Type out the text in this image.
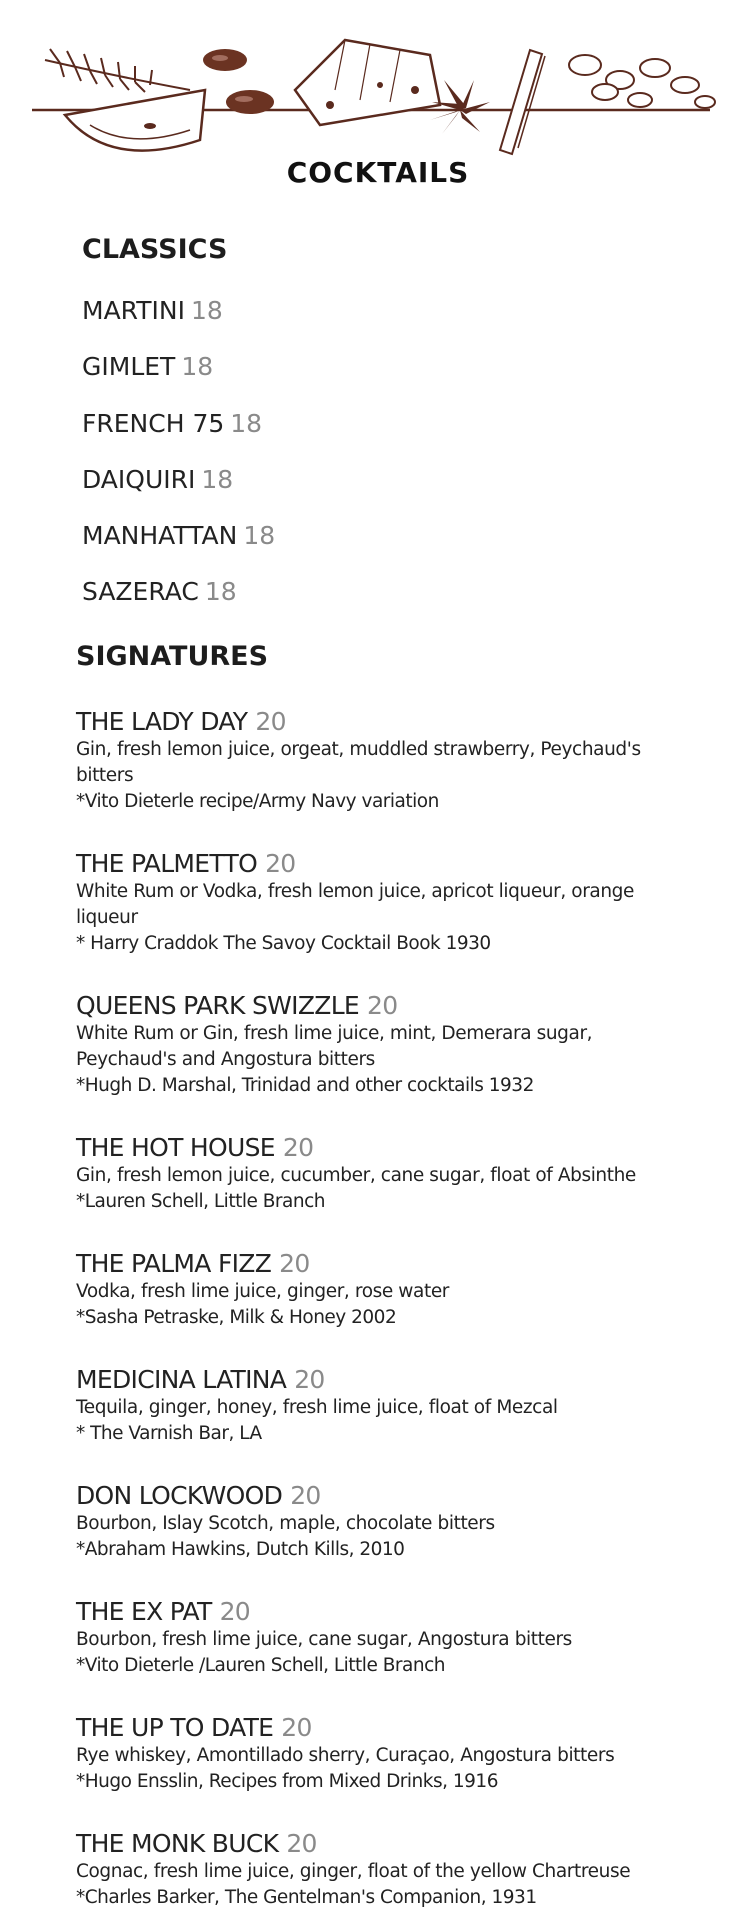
COCKTAILS
CLASSICS
MARTINI 18
GIMLET 18
FRENCH 75 18
DAIQUIRI 18
MANHATTAN 18
SAZERAC 18
SIGNATURES
THE LADY DAY 20
Gin, fresh lemon juice, orgeat, muddled strawberry, Peychaud's bitters
*Vito Dieterle recipe/Army Navy variation
THE PALMETTO 20
White Rum or Vodka, fresh lemon juice, apricot liqueur, orange liqueur
* Harry Craddok The Savoy Cocktail Book 1930
QUEENS PARK SWIZZLE 20
White Rum or Gin, fresh lime juice, mint, Demerara sugar, Peychaud's and Angostura bitters
*Hugh D. Marshal, Trinidad and other cocktails 1932
THE HOT HOUSE 20
Gin, fresh lemon juice, cucumber, cane sugar, float of Absinthe
*Lauren Schell, Little Branch
THE PALMA FIZZ 20
Vodka, fresh lime juice, ginger, rose water
*Sasha Petraske, Milk & Honey 2002
MEDICINA LATINA 20
Tequila, ginger, honey, fresh lime juice, float of Mezcal
* The Varnish Bar, LA
DON LOCKWOOD 20
Bourbon, Islay Scotch, maple, chocolate bitters
*Abraham Hawkins, Dutch Kills, 2010
THE EX PAT 20
Bourbon, fresh lime juice, cane sugar, Angostura bitters
*Vito Dieterle /Lauren Schell, Little Branch
THE UP TO DATE 20
Rye whiskey, Amontillado sherry, Curaçao, Angostura bitters
*Hugo Ensslin, Recipes from Mixed Drinks, 1916
THE MONK BUCK 20
Cognac, fresh lime juice, ginger, float of the yellow Chartreuse
*Charles Barker, The Gentelman's Companion, 1931
